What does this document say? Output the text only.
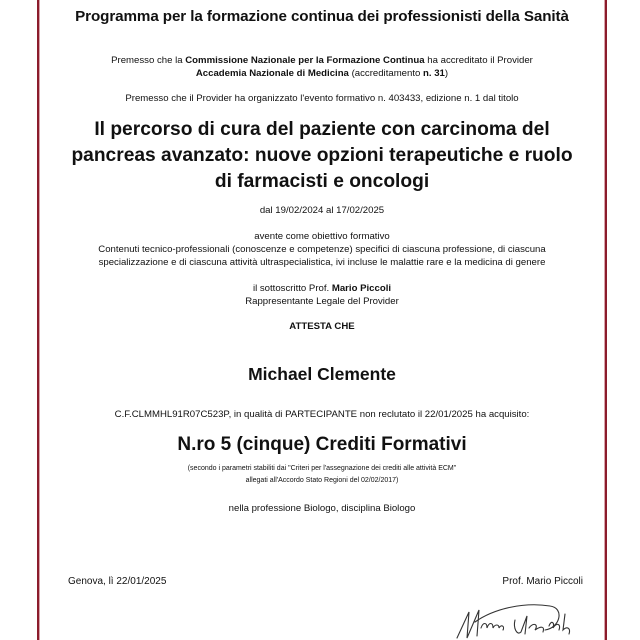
Programma per la formazione continua dei professionisti della Sanità
Premesso che la Commissione Nazionale per la Formazione Continua ha accreditato il Provider
Accademia Nazionale di Medicina (accreditamento n. 31)
Premesso che il Provider ha organizzato l'evento formativo n. 403433, edizione n. 1 dal titolo
Il percorso di cura del paziente con carcinoma del pancreas avanzato: nuove opzioni terapeutiche e ruolo di farmacisti e oncologi
dal 19/02/2024 al 17/02/2025
avente come obiettivo formativo
Contenuti tecnico-professionali (conoscenze e competenze) specifici di ciascuna professione, di ciascuna
specializzazione e di ciascuna attività ultraspecialistica, ivi incluse le malattie rare e la medicina di genere
il sottoscritto Prof. Mario Piccoli
Rappresentante Legale del Provider
ATTESTA CHE
Michael Clemente
C.F.CLMMHL91R07C523P, in qualità di PARTECIPANTE non reclutato il 22/01/2025 ha acquisito:
N.ro 5 (cinque) Crediti Formativi
(secondo i parametri stabiliti dai "Criteri per l'assegnazione dei crediti alle attività ECM"
allegati all'Accordo Stato Regioni del 02/02/2017)
nella professione Biologo, disciplina Biologo
Genova, lì 22/01/2025	Prof. Mario Piccoli
